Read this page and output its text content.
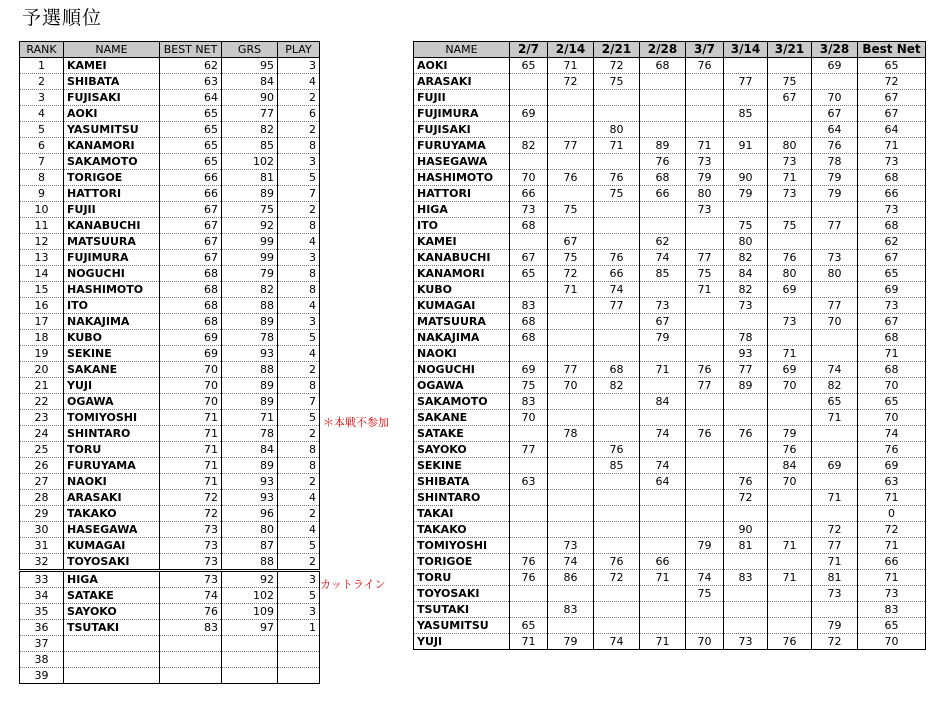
予選順位
RANK	NAME	BEST NET	GRS	PLAY
1	KAMEI	62	95	3
2	SHIBATA	63	84	4
3	FUJISAKI	64	90	2
4	AOKI	65	77	6
5	YASUMITSU	65	82	2
6	KANAMORI	65	85	8
7	SAKAMOTO	65	102	3
8	TORIGOE	66	81	5
9	HATTORI	66	89	7
10	FUJII	67	75	2
11	KANABUCHI	67	92	8
12	MATSUURA	67	99	4
13	FUJIMURA	67	99	3
14	NOGUCHI	68	79	8
15	HASHIMOTO	68	82	8
16	ITO	68	88	4
17	NAKAJIMA	68	89	3
18	KUBO	69	78	5
19	SEKINE	69	93	4
20	SAKANE	70	88	2
21	YUJI	70	89	8
22	OGAWA	70	89	7
23	TOMIYOSHI	71	71	5
24	SHINTARO	71	78	2
25	TORU	71	84	8
26	FURUYAMA	71	89	8
27	NAOKI	71	93	2
28	ARASAKI	72	93	4
29	TAKAKO	72	96	2
30	HASEGAWA	73	80	4
31	KUMAGAI	73	87	5
32	TOYOSAKI	73	88	2
33	HIGA	73	92	3
34	SATAKE	74	102	5
35	SAYOKO	76	109	3
36	TSUTAKI	83	97	1
37				
38				
39				
NAME	2/7	2/14	2/21	2/28	3/7	3/14	3/21	3/28	Best Net
AOKI	65	71	72	68	76			69	65
ARASAKI		72	75			77	75		72
FUJII							67	70	67
FUJIMURA	69					85		67	67
FUJISAKI			80					64	64
FURUYAMA	82	77	71	89	71	91	80	76	71
HASEGAWA				76	73		73	78	73
HASHIMOTO	70	76	76	68	79	90	71	79	68
HATTORI	66		75	66	80	79	73	79	66
HIGA	73	75			73				73
ITO	68					75	75	77	68
KAMEI		67		62		80			62
KANABUCHI	67	75	76	74	77	82	76	73	67
KANAMORI	65	72	66	85	75	84	80	80	65
KUBO		71	74		71	82	69		69
KUMAGAI	83		77	73		73		77	73
MATSUURA	68			67			73	70	67
NAKAJIMA	68			79		78			68
NAOKI						93	71		71
NOGUCHI	69	77	68	71	76	77	69	74	68
OGAWA	75	70	82		77	89	70	82	70
SAKAMOTO	83			84				65	65
SAKANE	70							71	70
SATAKE		78		74	76	76	79		74
SAYOKO	77		76				76		76
SEKINE			85	74			84	69	69
SHIBATA	63			64		76	70		63
SHINTARO						72		71	71
TAKAI									0
TAKAKO						90		72	72
TOMIYOSHI		73			79	81	71	77	71
TORIGOE	76	74	76	66				71	66
TORU	76	86	72	71	74	83	71	81	71
TOYOSAKI					75			73	73
TSUTAKI		83							83
YASUMITSU	65							79	65
YUJI	71	79	74	71	70	73	76	72	70
＊本戦不参加
カットライン
